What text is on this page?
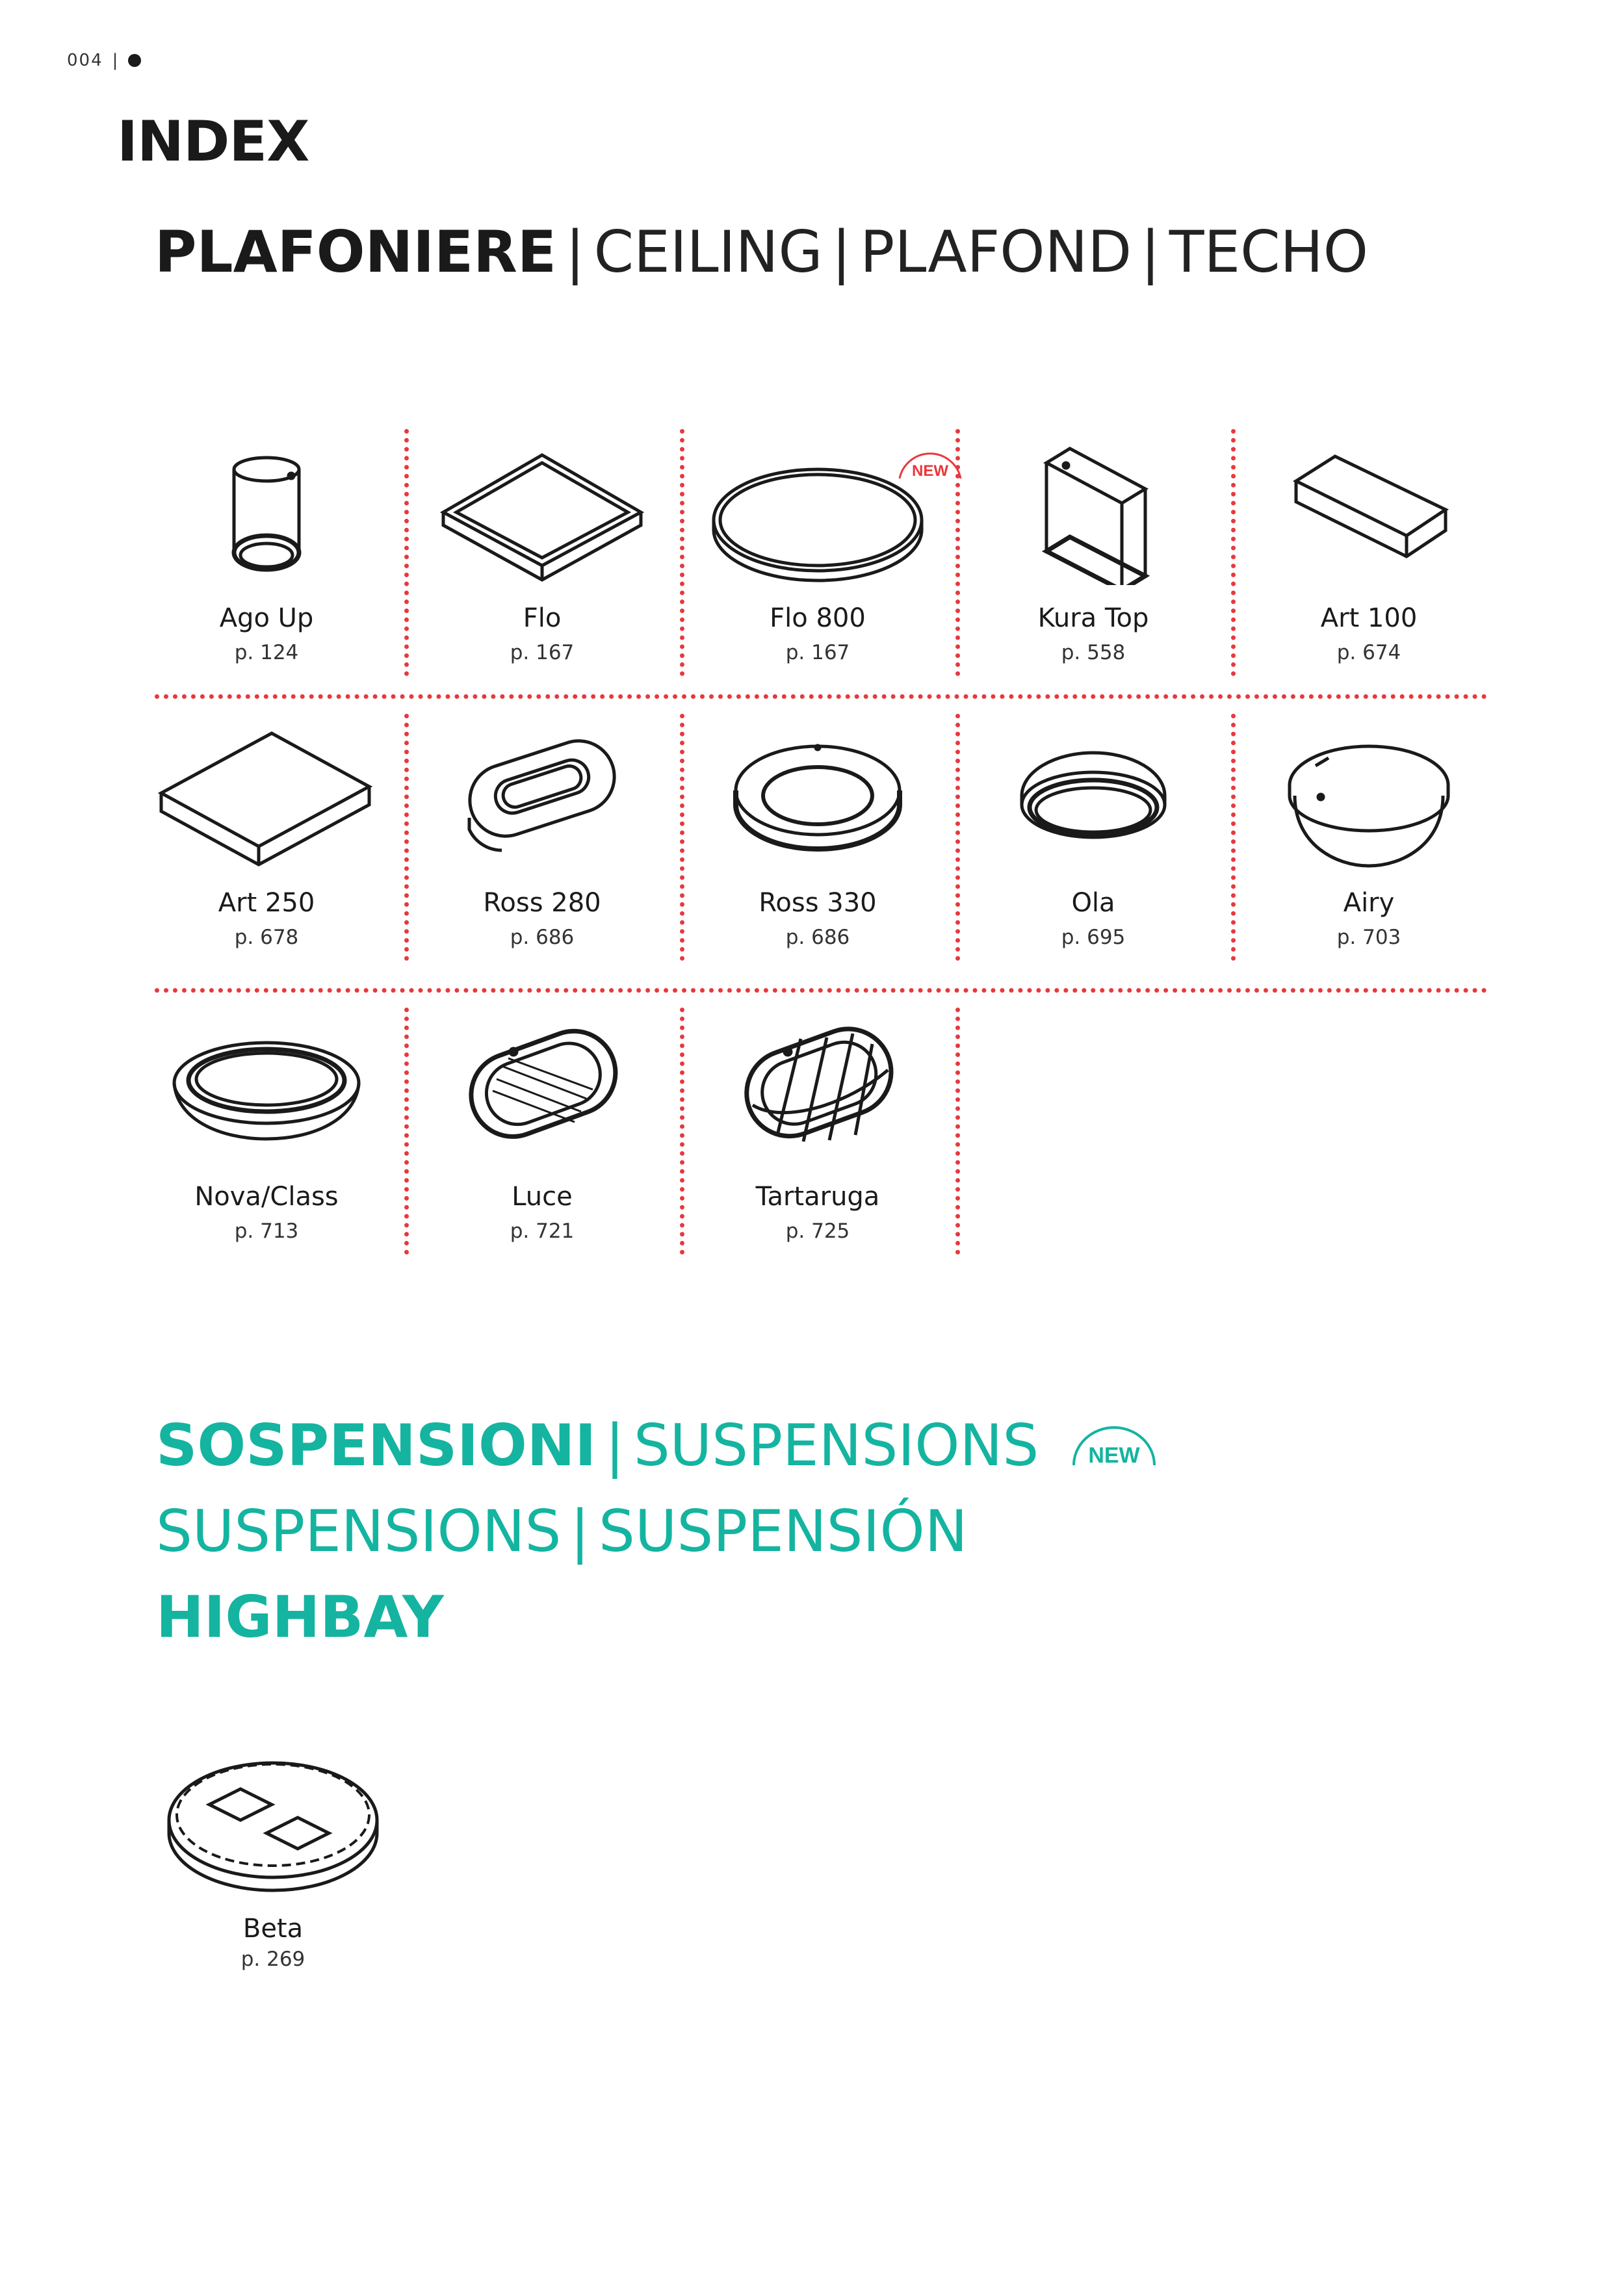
004 |
INDEX
PLAFONIERE | CEILING | PLAFOND | TECHO
Ago Up
p. 124
Flo
p. 167
NEW
Flo 800
p. 167
Kura Top
p. 558
Art 100
p. 674
Art 250
p. 678
Ross 280
p. 686
Ross 330
p. 686
Ola
p. 695
Airy
p. 703
Nova/Class
p. 713
Luce
p. 721
Tartaruga
p. 725
SOSPENSIONI | SUSPENSIONS NEW
SUSPENSIONS | SUSPENSIÓN
HIGHBAY
Beta
p. 269
